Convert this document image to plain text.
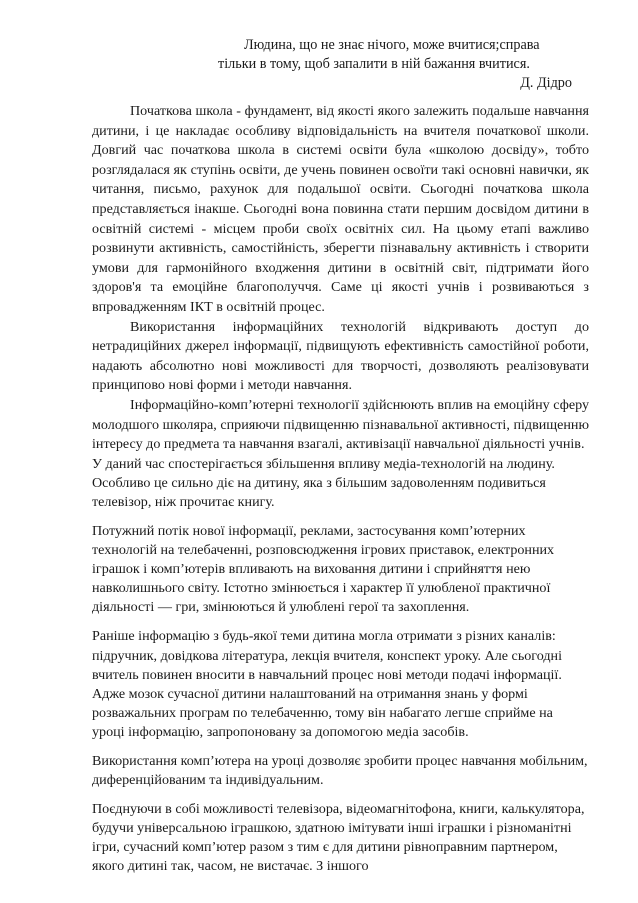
Людина, що не знає нічого, може вчитися;справа
тільки в тому, щоб запалити в ній бажання вчитися.
Д. Дідро

Початкова школа - фундамент, від якості якого залежить подальше навчання дитини, і це накладає особливу відповідальність на вчителя початкової школи. Довгий час початкова школа в системі освіти була «школою досвіду», тобто розглядалася як ступінь освіти, де учень повинен освоїти такі основні навички, як читання, письмо, рахунок для подальшої освіти. Сьогодні початкова школа представляється інакше. Сьогодні вона повинна стати першим досвідом дитини в освітній системі - місцем проби своїх освітніх сил. На цьому етапі важливо розвинути активність, самостійність, зберегти пізнавальну активність і створити умови для гармонійного входження дитини в освітній світ, підтримати його здоров'я та емоційне благополуччя. Саме ці якості учнів і розвиваються з впровадженням ІКТ в освітній процес.

Використання інформаційних технологій відкривають доступ до нетрадиційних джерел інформації, підвищують ефективність самостійної роботи, надають абсолютно нові можливості для творчості, дозволяють реалізовувати принципово нові форми і методи навчання.

Інформаційно-комп’ютерні технології здійснюють вплив на емоційну сферу молодшого школяра, сприяючи підвищенню пізнавальної активності, підвищенню інтересу до предмета та навчання взагалі, активізації навчальної діяльності учнів.

У даний час спостерігається збільшення впливу медіа-технологій на людину. Особливо це сильно діє на дитину, яка з більшим задоволенням подивиться телевізор, ніж прочитає книгу.

Потужний потік нової інформації, реклами, застосування комп’ютерних технологій на телебаченні, розповсюдження ігрових приставок, електронних іграшок і комп’ютерів впливають на виховання дитини і сприйняття нею навколишнього світу. Істотно змінюється і характер її улюбленої практичної діяльності — гри, змінюються й улюблені герої та захоплення.

Раніше інформацію з будь-якої теми дитина могла отримати з різних каналів: підручник, довідкова література, лекція вчителя, конспект уроку. Але сьогодні вчитель повинен вносити в навчальний процес нові методи подачі інформації. Адже мозок сучасної дитини налаштований на отримання знань у формі розважальних програм по телебаченню, тому він набагато легше сприйме на уроці інформацію, запропоновану за допомогою медіа засобів.

Використання комп’ютера на уроці дозволяє зробити процес навчання мобільним, диференційованим та індивідуальним.

Поєднуючи в собі можливості телевізора, відеомагнітофона, книги, калькулятора, будучи універсальною іграшкою, здатною імітувати інші іграшки і різноманітні ігри, сучасний комп’ютер разом з тим є для дитини рівноправним партнером, якого дитині так, часом, не вистачає. З іншого
